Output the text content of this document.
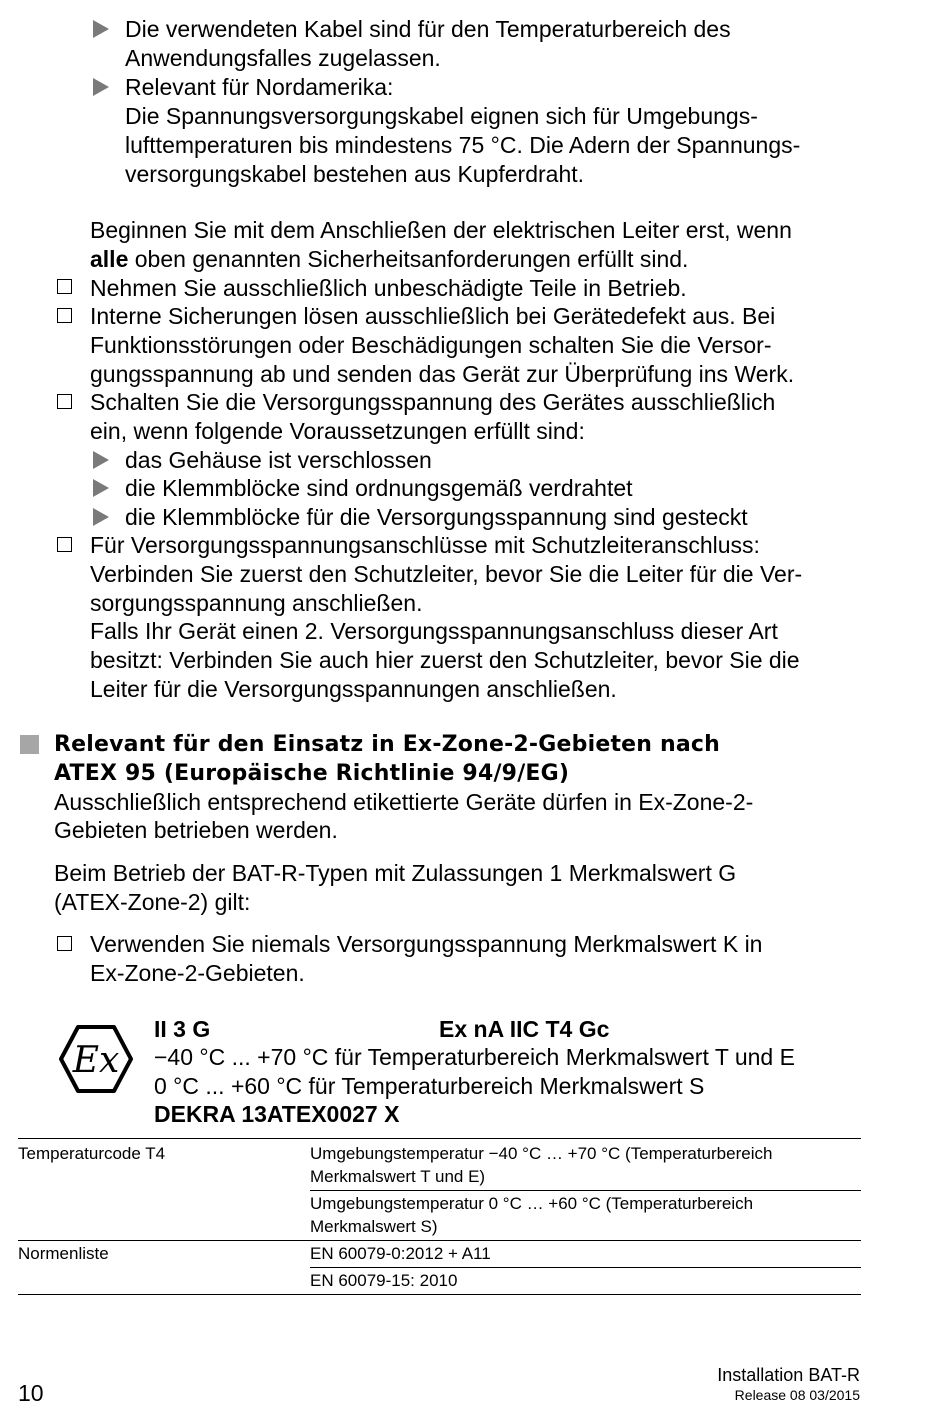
Die verwendeten Kabel sind für den Temperaturbereich des
Anwendungsfalles zugelassen.
Relevant für Nordamerika:
Die Spannungsversorgungskabel eignen sich für Umgebungs-
lufttemperaturen bis mindestens 75 °C. Die Adern der Spannungs-
versorgungskabel bestehen aus Kupferdraht.
Beginnen Sie mit dem Anschließen der elektrischen Leiter erst, wenn
alle oben genannten Sicherheitsanforderungen erfüllt sind.
Nehmen Sie ausschließlich unbeschädigte Teile in Betrieb.
Interne Sicherungen lösen ausschließlich bei Gerätedefekt aus. Bei
Funktionsstörungen oder Beschädigungen schalten Sie die Versor-
gungsspannung ab und senden das Gerät zur Überprüfung ins Werk.
Schalten Sie die Versorgungsspannung des Gerätes ausschließlich
ein, wenn folgende Voraussetzungen erfüllt sind:
das Gehäuse ist verschlossen
die Klemmblöcke sind ordnungsgemäß verdrahtet
die Klemmblöcke für die Versorgungsspannung sind gesteckt
Für Versorgungsspannungsanschlüsse mit Schutzleiteranschluss:
Verbinden Sie zuerst den Schutzleiter, bevor Sie die Leiter für die Ver-
sorgungsspannung anschließen.
Falls Ihr Gerät einen 2. Versorgungsspannungsanschluss dieser Art
besitzt: Verbinden Sie auch hier zuerst den Schutzleiter, bevor Sie die
Leiter für die Versorgungsspannungen anschließen.
Relevant für den Einsatz in Ex-Zone-2-Gebieten nach
ATEX 95 (Europäische Richtlinie 94/9/EG)
Ausschließlich entsprechend etikettierte Geräte dürfen in Ex-Zone-2-
Gebieten betrieben werden.
Beim Betrieb der BAT-R-Typen mit Zulassungen 1 Merkmalswert G
(ATEX-Zone-2) gilt:
Verwenden Sie niemals Versorgungsspannung Merkmalswert K in
Ex-Zone-2-Gebieten.
Ex
II 3 G	Ex nA IIC T4 Gc
−40 °C ... +70 °C für Temperaturbereich Merkmalswert T und E
0 °C ... +60 °C für Temperaturbereich Merkmalswert S
DEKRA 13ATEX0027 X
Temperaturcode T4	Umgebungstemperatur −40 °C … +70 °C (Temperaturbereich
Merkmalswert T und E)
Umgebungstemperatur 0 °C … +60 °C (Temperaturbereich
Merkmalswert S)
Normenliste	EN 60079-0:2012 + A11
EN 60079-15: 2010
10
Installation BAT-R
Release 08 03/2015
